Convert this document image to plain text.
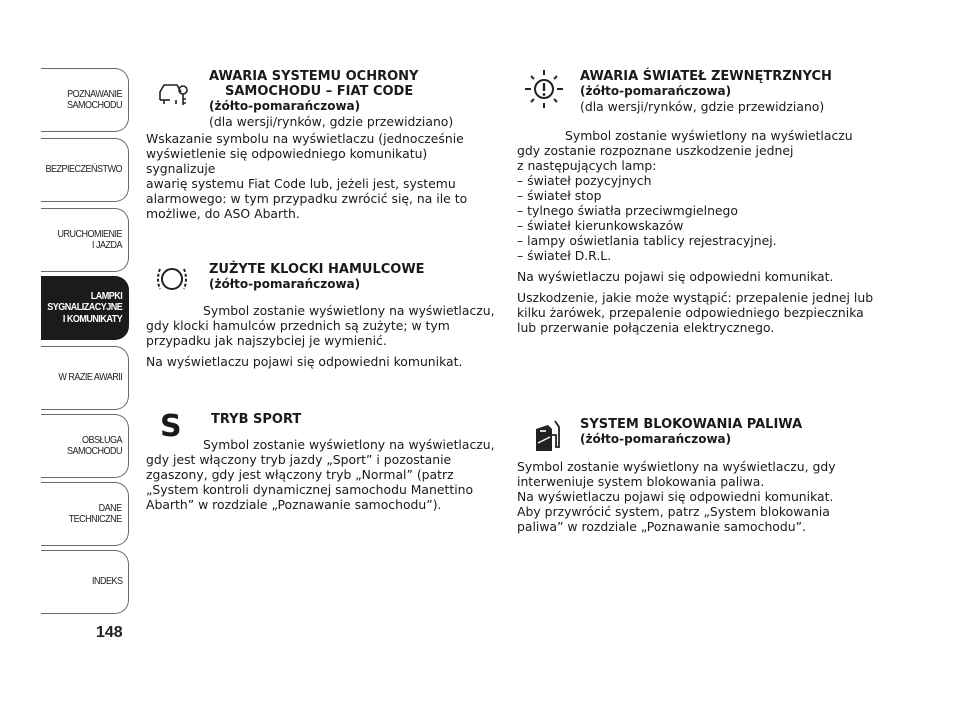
POZNAWANIE
SAMOCHODU
BEZPIECZEŃSTWO
URUCHOMIENIE
I JAZDA
LAMPKI
SYGNALIZACYJNE
I KOMUNIKATY
W RAZIE AWARII
OBSŁUGA
SAMOCHODU
DANE
TECHNICZNE
INDEKS
148
AWARIA SYSTEMU OCHRONY
SAMOCHODU – FIAT CODE
(żółto-pomarańczowa)
(dla wersji/rynków, gdzie przewidziano)

Wskazanie symbolu na wyświetlaczu (jednocześnie

wyświetlenie się odpowiedniego komunikatu) sygnalizuje

awarię systemu Fiat Code lub, jeżeli jest, systemu

alarmowego: w tym przypadku zwrócić się, na ile to

możliwe, do ASO Abarth.

ZUŻYTE KLOCKI HAMULCOWE
(żółto-pomarańczowa)

Symbol zostanie wyświetlony na wyświetlaczu,

gdy klocki hamulców przednich są zużyte; w tym

przypadku jak najszybciej je wymienić.

Na wyświetlaczu pojawi się odpowiedni komunikat.

S TRYB SPORT

Symbol zostanie wyświetlony na wyświetlaczu,

gdy jest włączony tryb jazdy „Sport” i pozostanie

zgaszony, gdy jest włączony tryb „Normal” (patrz

„System kontroli dynamicznej samochodu Manettino

Abarth” w rozdziale „Poznawanie samochodu”).

AWARIA ŚWIATEŁ ZEWNĘTRZNYCH
(żółto-pomarańczowa)
(dla wersji/rynków, gdzie przewidziano)

Symbol zostanie wyświetlony na wyświetlaczu

gdy zostanie rozpoznane uszkodzenie jednej

z następujących lamp:

– świateł pozycyjnych

– świateł stop

– tylnego światła przeciwmgielnego

– świateł kierunkowskazów

– lampy oświetlania tablicy rejestracyjnej.

– świateł D.R.L.

Na wyświetlaczu pojawi się odpowiedni komunikat.

Uszkodzenie, jakie może wystąpić: przepalenie jednej lub

kilku żarówek, przepalenie odpowiedniego bezpiecznika

lub przerwanie połączenia elektrycznego.

SYSTEM BLOKOWANIA PALIWA
(żółto-pomarańczowa)

Symbol zostanie wyświetlony na wyświetlaczu, gdy

interweniuje system blokowania paliwa.

Na wyświetlaczu pojawi się odpowiedni komunikat.

Aby przywrócić system, patrz „System blokowania

paliwa” w rozdziale „Poznawanie samochodu”.
